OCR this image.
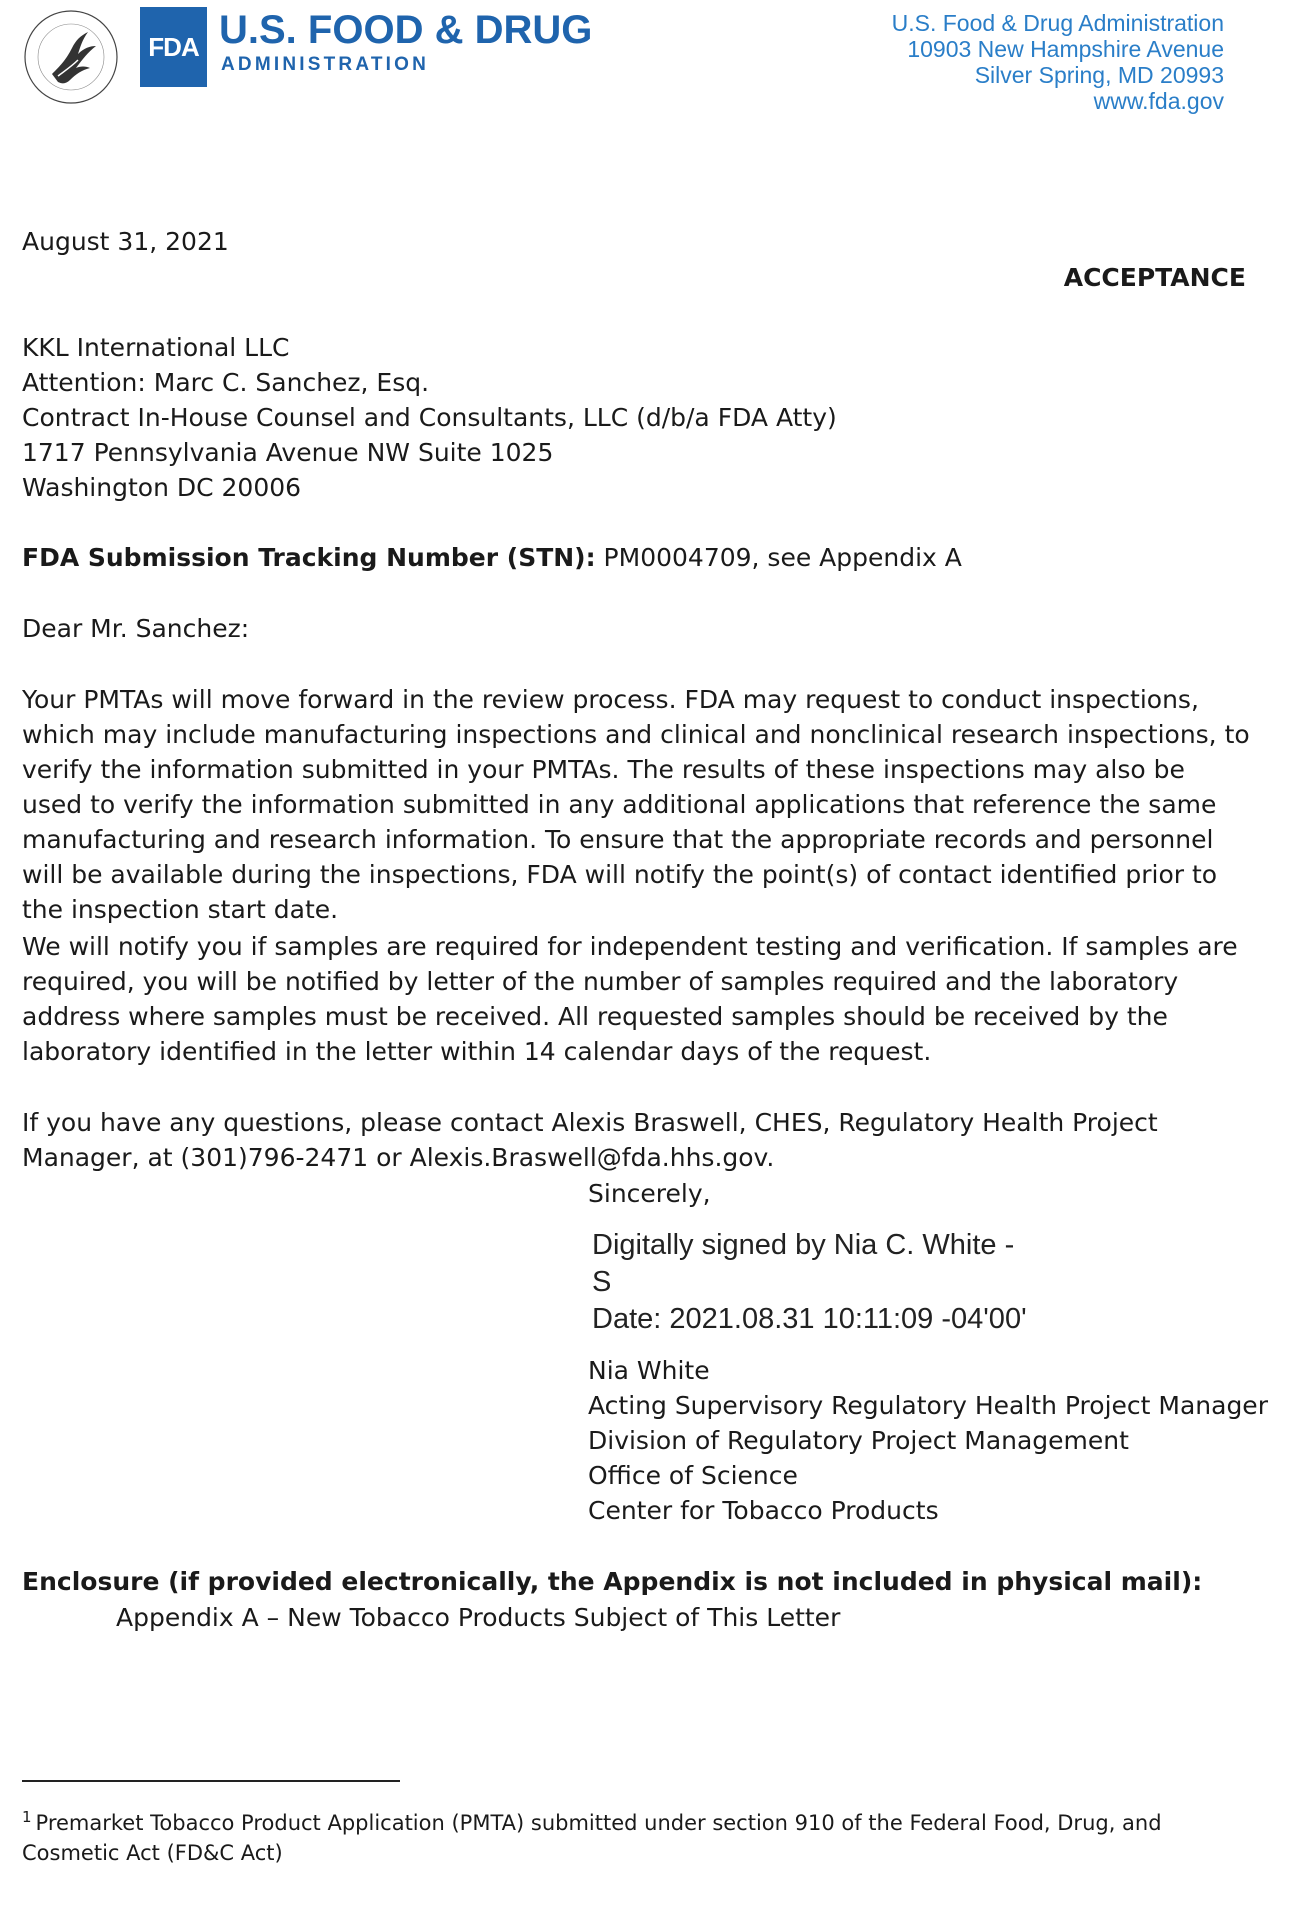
FDA U.S. FOOD & DRUG
ADMINISTRATION
U.S. Food & Drug Administration
10903 New Hampshire Avenue
Silver Spring, MD 20993
www.fda.gov
August 31, 2021
ACCEPTANCE
KKL International LLC
Attention: Marc C. Sanchez, Esq.
Contract In-House Counsel and Consultants, LLC (d/b/a FDA Atty)
1717 Pennsylvania Avenue NW Suite 1025
Washington DC 20006
FDA Submission Tracking Number (STN): PM0004709, see Appendix A
Dear Mr. Sanchez:
Your PMTAs will move forward in the review process. FDA may request to conduct inspections, which may include manufacturing inspections and clinical and nonclinical research inspections, to verify the information submitted in your PMTAs. The results of these inspections may also be used to verify the information submitted in any additional applications that reference the same manufacturing and research information. To ensure that the appropriate records and personnel will be available during the inspections, FDA will notify the point(s) of contact identified prior to the inspection start date.
We will notify you if samples are required for independent testing and verification. If samples are required, you will be notified by letter of the number of samples required and the laboratory address where samples must be received. All requested samples should be received by the laboratory identified in the letter within 14 calendar days of the request.
If you have any questions, please contact Alexis Braswell, CHES, Regulatory Health Project Manager, at (301)796-2471 or Alexis.Braswell@fda.hhs.gov.
Sincerely,
Digitally signed by Nia C. White -
S
Date: 2021.08.31 10:11:09 -04'00'
Nia White
Acting Supervisory Regulatory Health Project Manager
Division of Regulatory Project Management
Office of Science
Center for Tobacco Products
Enclosure (if provided electronically, the Appendix is not included in physical mail):
Appendix A – New Tobacco Products Subject of This Letter
$^1$ Premarket Tobacco Product Application (PMTA) submitted under section 910 of the Federal Food, Drug, and Cosmetic Act (FD&C Act)
